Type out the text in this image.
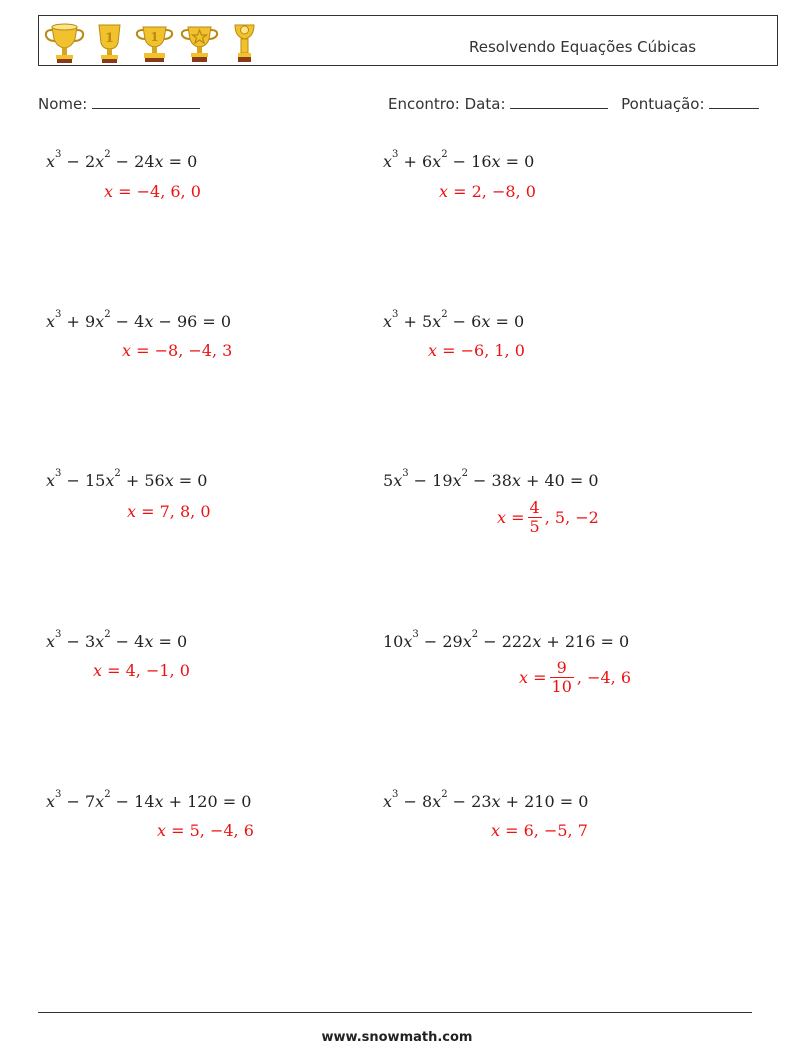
1	1
Resolvendo Equações Cúbicas
Nome:	Encontro: Data:	Pontuação:
$x^3 - 2x^2 - 24x = 0$
x = −4, 6, 0
$x^3 + 6x^2 - 16x = 0$
x = 2, −8, 0
$x^3 + 9x^2 - 4x - 96 = 0$
x = −8, −4, 3
$x^3 + 5x^2 - 6x = 0$
x = −6, 1, 0
$x^3 - 15x^2 + 56x = 0$
x = 7, 8, 0
$5x^3 - 19x^2 - 38x + 40 = 0$
$x = \frac{4}{5}$ , 5, −2
$x^3 - 3x^2 - 4x = 0$
x = 4, −1, 0
$10x^3 - 29x^2 - 222x + 216 = 0$
$x = \frac{9}{10}$ , −4, 6
$x^3 - 7x^2 - 14x + 120 = 0$
x = 5, −4, 6
$x^3 - 8x^2 - 23x + 210 = 0$
x = 6, −5, 7
www.snowmath.com
